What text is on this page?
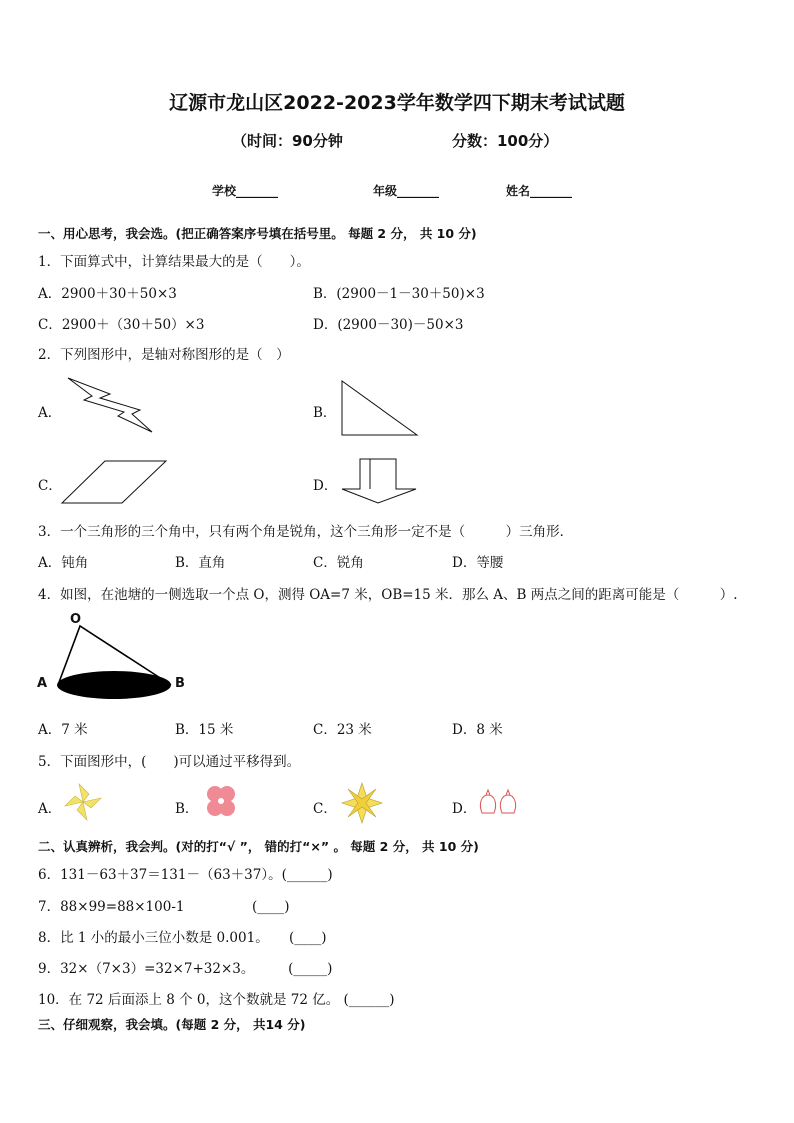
辽源市龙山区2022-2023学年数学四下期末考试试题
（时间：90分钟	分数：100分）
学校_______	年级_______	姓名_______
一、用心思考，我会选。(把正确答案序号填在括号里。 每题 2 分， 共 10 分)
1．下面算式中，计算结果最大的是（　　）。
A．2900＋30＋50×3	B．(2900－1－30＋50)×3
C．2900＋（30＋50）×3	D．(2900－30)－50×3
2．下列图形中，是轴对称图形的是（　）
A．	B．
C．	D．
3．一个三角形的三个角中，只有两个角是锐角，这个三角形一定不是（　　　）三角形．
A．钝角	B．直角	C．锐角	D．等腰
4．如图，在池塘的一侧选取一个点 O，测得 OA=7 米，OB=15 米．那么 A、B 两点之间的距离可能是（　　　）.
O
A	B
A．7 米	B．15 米	C．23 米	D．8 米
5．下面图形中，(　　)可以通过平移得到。
A．	B．	C．	D．
二、认真辨析，我会判。(对的打“√ ”， 错的打“×” 。 每题 2 分， 共 10 分)
6．131－63＋37＝131－（63＋37）。(______)
7．88×99=88×100-1　　　　　(____)
8．比 1 小的最小三位小数是 0.001。　　(____)
9．32×（7×3）=32×7+32×3。　　　(_____)
10．在 72 后面添上 8 个 0，这个数就是 72 亿。 (______)
三、仔细观察，我会填。(每题 2 分， 共14 分)
